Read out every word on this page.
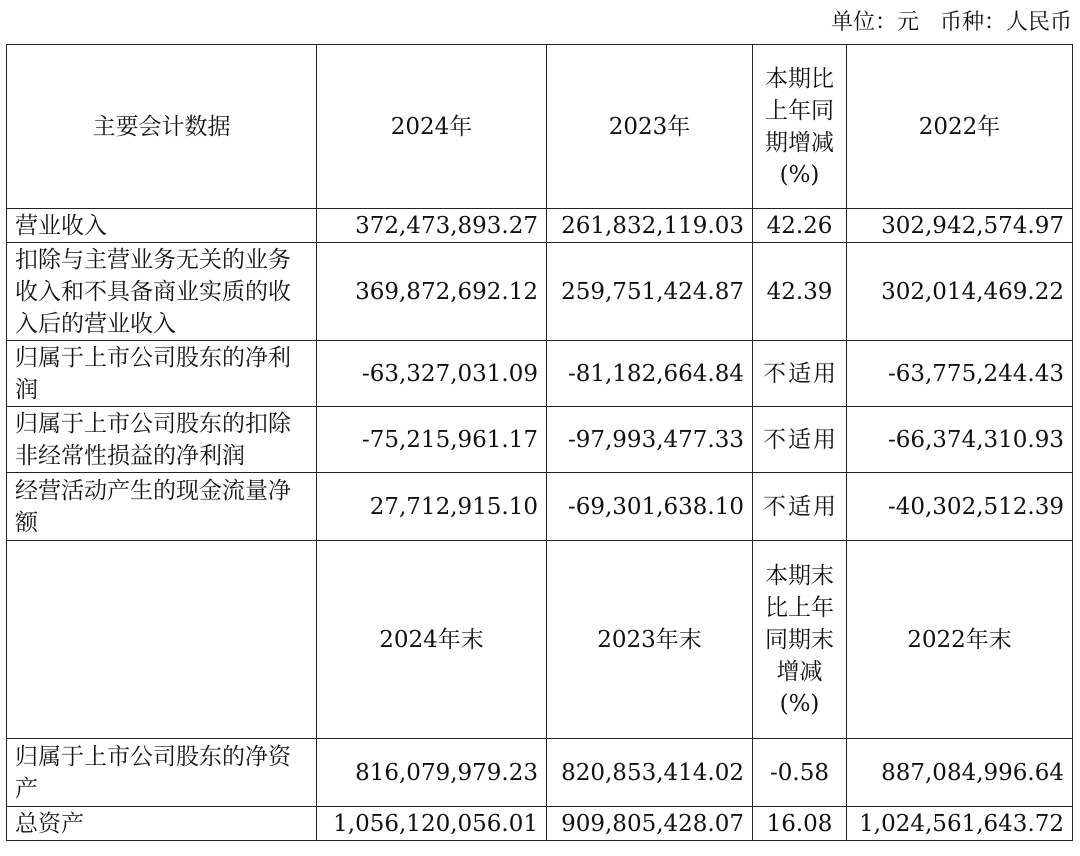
单位：元   币种：人民币
主要会计数据	2024年	2023年	本期比上年同期增减(%)	2022年
营业收入	372,473,893.27	261,832,119.03	42.26	302,942,574.97
扣除与主营业务无关的业务收入和不具备商业实质的收入后的营业收入	369,872,692.12	259,751,424.87	42.39	302,014,469.22
归属于上市公司股东的净利润	-63,327,031.09	-81,182,664.84	不适用	-63,775,244.43
归属于上市公司股东的扣除非经常性损益的净利润	-75,215,961.17	-97,993,477.33	不适用	-66,374,310.93
经营活动产生的现金流量净额	27,712,915.10	-69,301,638.10	不适用	-40,302,512.39
	2024年末	2023年末	本期末比上年同期末增减(%)	2022年末
归属于上市公司股东的净资产	816,079,979.23	820,853,414.02	-0.58	887,084,996.64
总资产	1,056,120,056.01	909,805,428.07	16.08	1,024,561,643.72
